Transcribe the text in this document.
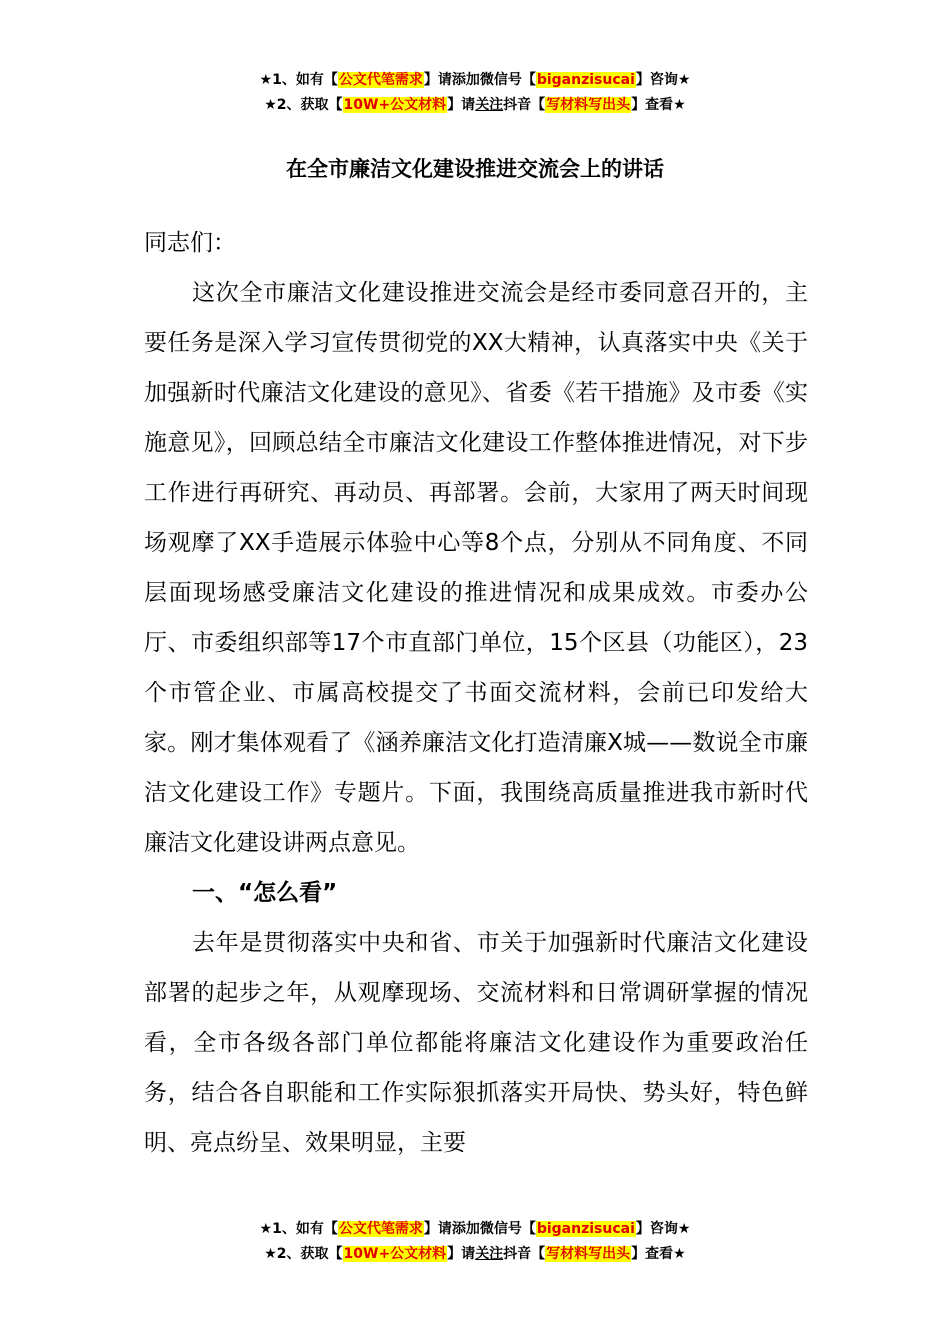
★1、如有【公文代笔需求】请添加微信号【biganzisucai】咨询★
★2、获取【10W+公文材料】请关注抖音【写材料写出头】查看★
在全市廉洁文化建设推进交流会上的讲话

同志们：

这次全市廉洁文化建设推进交流会是经市委同意召开的，主要任务是深入学习宣传贯彻党的XX大精神，认真落实中央《关于加强新时代廉洁文化建设的意见》、省委《若干措施》及市委《实施意见》，回顾总结全市廉洁文化建设工作整体推进情况，对下步工作进行再研究、再动员、再部署。会前，大家用了两天时间现场观摩了XX手造展示体验中心等8个点，分别从不同角度、不同层面现场感受廉洁文化建设的推进情况和成果成效。市委办公厅、市委组织部等17个市直部门单位，15个区县（功能区），23个市管企业、市属高校提交了书面交流材料，会前已印发给大家。刚才集体观看了《涵养廉洁文化打造清廉X城——数说全市廉洁文化建设工作》专题片。下面，我围绕高质量推进我市新时代廉洁文化建设讲两点意见。

一、“怎么看”

去年是贯彻落实中央和省、市关于加强新时代廉洁文化建设部署的起步之年，从观摩现场、交流材料和日常调研掌握的情况看，全市各级各部门单位都能将廉洁文化建设作为重要政治任务，结合各自职能和工作实际狠抓落实开局快、势头好，特色鲜明、亮点纷呈、效果明显，主要

★1、如有【公文代笔需求】请添加微信号【biganzisucai】咨询★
★2、获取【10W+公文材料】请关注抖音【写材料写出头】查看★
